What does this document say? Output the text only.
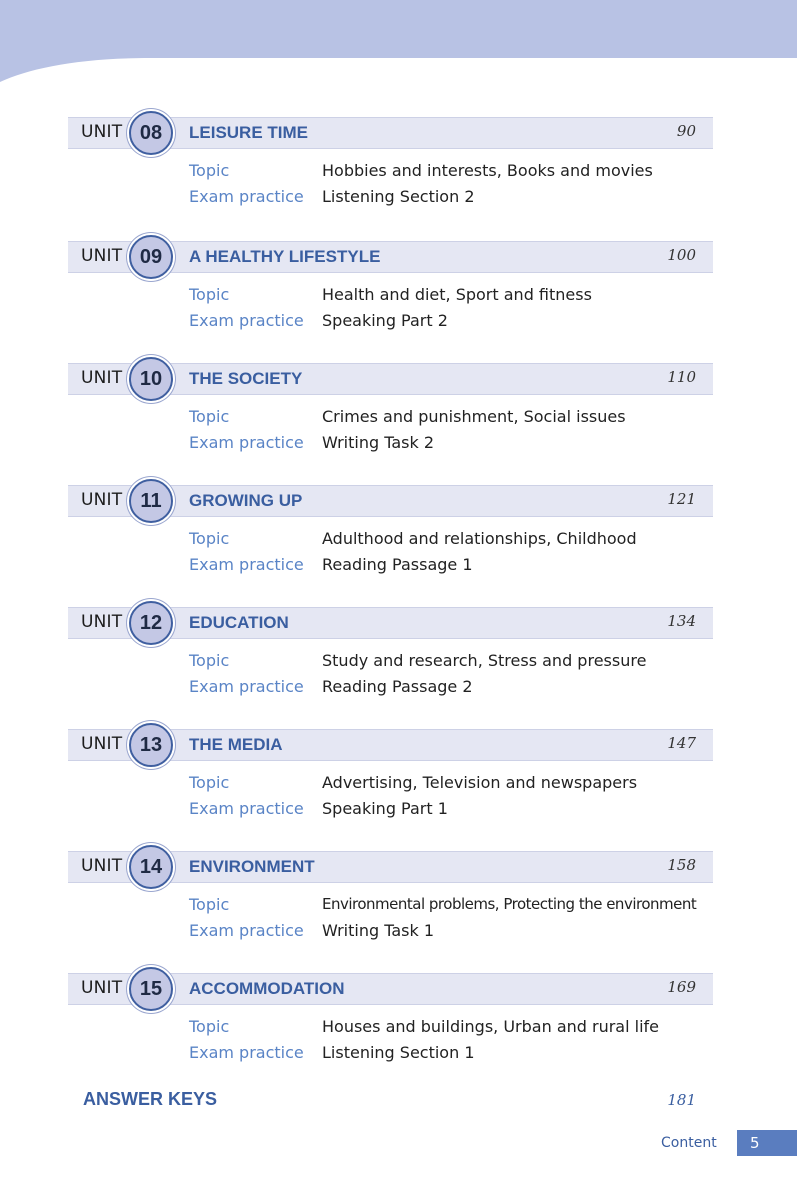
UNIT 08 LEISURE TIME	90
Topic	Hobbies and interests, Books and movies
Exam practice Listening Section 2
UNIT 09 A HEALTHY LIFESTYLE	100
Topic	Health and diet, Sport and fitness
Exam practice Speaking Part 2
UNIT 10 THE SOCIETY	110
Topic	Crimes and punishment, Social issues
Exam practice Writing Task 2
UNIT 11 GROWING UP	121
Topic	Adulthood and relationships, Childhood
Exam practice Reading Passage 1
UNIT 12 EDUCATION	134
Topic	Study and research, Stress and pressure
Exam practice Reading Passage 2
UNIT 13 THE MEDIA	147
Topic	Advertising, Television and newspapers
Exam practice Speaking Part 1
UNIT 14 ENVIRONMENT	158
Topic	Environmental problems, Protecting the environment
Exam practice Writing Task 1
UNIT 15 ACCOMMODATION	169
Topic	Houses and buildings, Urban and rural life
Exam practice Listening Section 1
ANSWER KEYS	181
Content 5
